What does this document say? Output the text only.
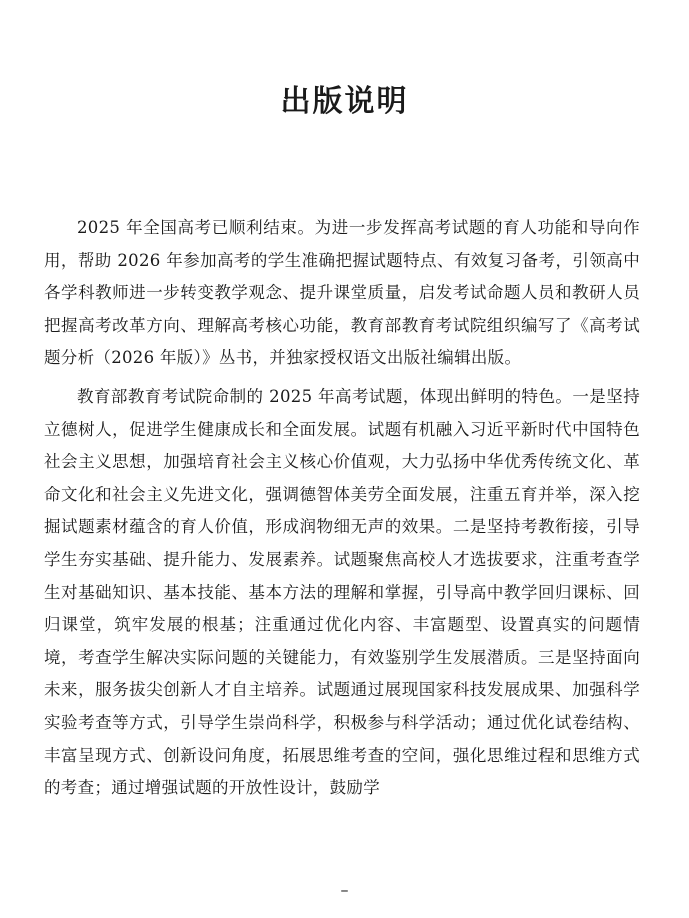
出版说明

2025 年全国高考已顺利结束。为进一步发挥高考试题的育人功能和导向作用，帮助 2026 年参加高考的学生准确把握试题特点、有效复习备考，引领高中各学科教师进一步转变教学观念、提升课堂质量，启发考试命题人员和教研人员把握高考改革方向、理解高考核心功能，教育部教育考试院组织编写了《高考试题分析（2026 年版）》丛书，并独家授权语文出版社编辑出版。

教育部教育考试院命制的 2025 年高考试题，体现出鲜明的特色。一是坚持立德树人，促进学生健康成长和全面发展。试题有机融入习近平新时代中国特色社会主义思想，加强培育社会主义核心价值观，大力弘扬中华优秀传统文化、革命文化和社会主义先进文化，强调德智体美劳全面发展，注重五育并举，深入挖掘试题素材蕴含的育人价值，形成润物细无声的效果。二是坚持考教衔接，引导学生夯实基础、提升能力、发展素养。试题聚焦高校人才选拔要求，注重考查学生对基础知识、基本技能、基本方法的理解和掌握，引导高中教学回归课标、回归课堂，筑牢发展的根基；注重通过优化内容、丰富题型、设置真实的问题情境，考查学生解决实际问题的关键能力，有效鉴别学生发展潜质。三是坚持面向未来，服务拔尖创新人才自主培养。试题通过展现国家科技发展成果、加强科学实验考查等方式，引导学生崇尚科学，积极参与科学活动；通过优化试卷结构、丰富呈现方式、创新设问角度，拓展思维考查的空间，强化思维过程和思维方式的考查；通过增强试题的开放性设计，鼓励学

–
